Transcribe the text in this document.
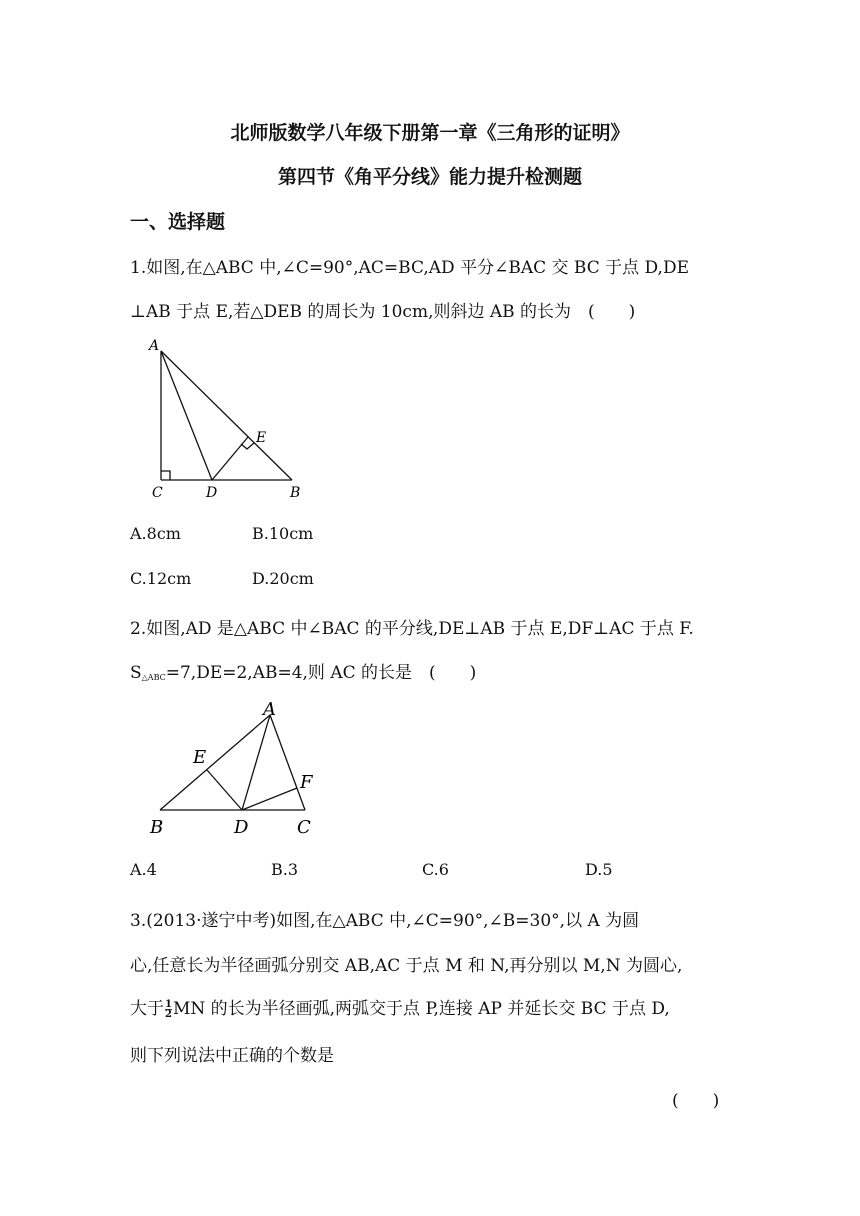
北师版数学八年级下册第一章《三角形的证明》
第四节《角平分线》能力提升检测题
一、选择题
1.如图,在△ABC 中,∠C=90°,AC=BC,AD 平分∠BAC 交 BC 于点 D,DE
⊥AB 于点 E,若△DEB 的周长为 10cm,则斜边 AB 的长为　(　　)
A
C	D	B
E
A.8cm	B.10cm
C.12cm	D.20cm
2.如图,AD 是△ABC 中∠BAC 的平分线,DE⊥AB 于点 E,DF⊥AC 于点 F.
$S_{\triangle ABC}=7,DE=2,AB=4$,则 AC 的长是　(　　)
A
E
F
B	D	C
A.4	B.3	C.6	D.5
3.(2013·遂宁中考)如图,在△ABC 中,∠C=90°,∠B=30°,以 A 为圆
心,任意长为半径画弧分别交 AB,AC 于点 M 和 N,再分别以 M,N 为圆心,
大于 $\frac{1}{2}$ MN 的长为半径画弧,两弧交于点 P,连接 AP 并延长交 BC 于点 D,
则下列说法中正确的个数是
(　　)
